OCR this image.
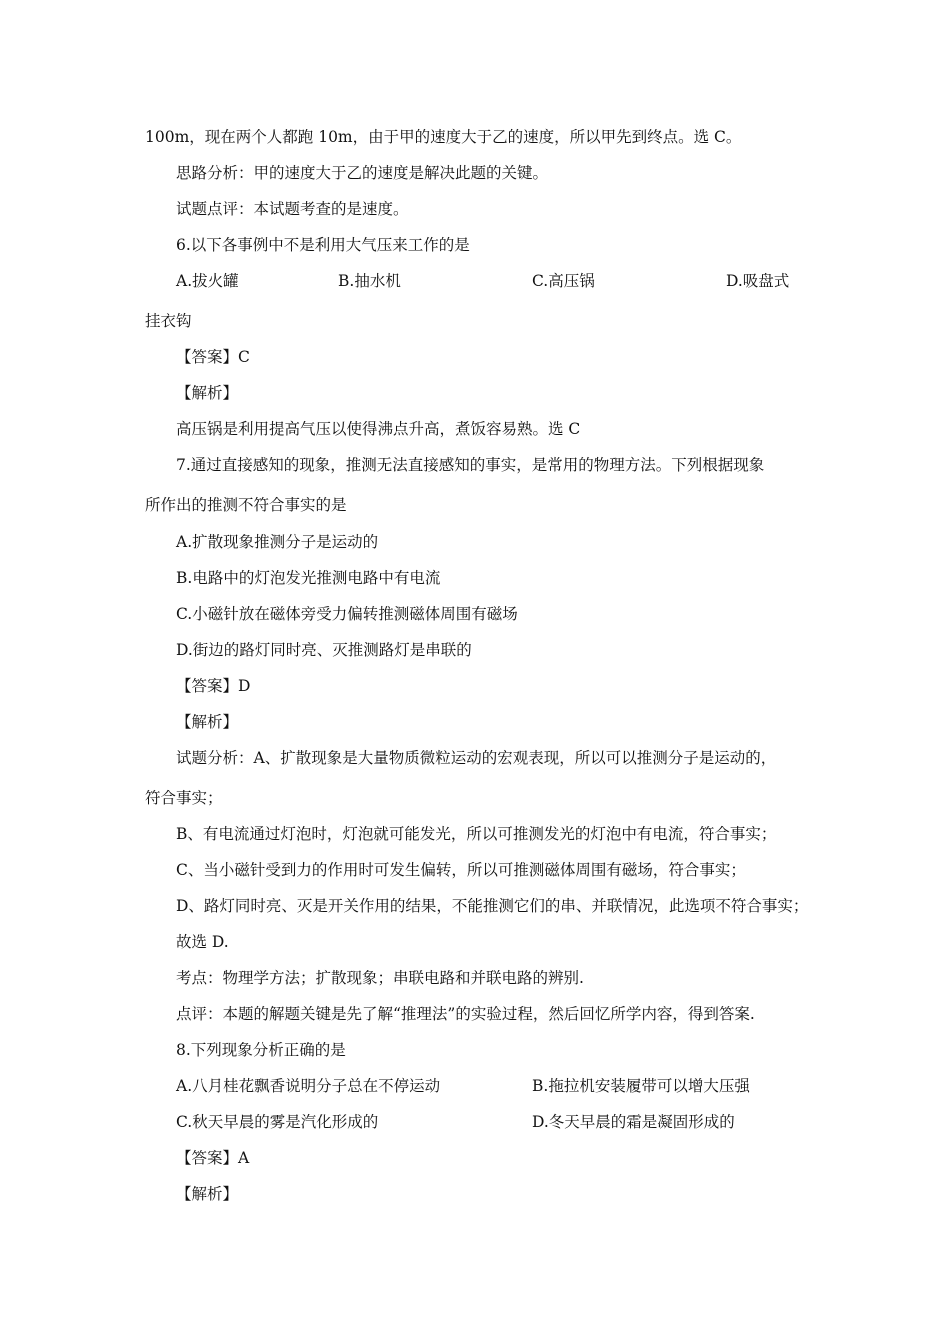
100m，现在两个人都跑 10m，由于甲的速度大于乙的速度，所以甲先到终点。选 C。
思路分析：甲的速度大于乙的速度是解决此题的关键。
试题点评：本试题考查的是速度。
6.以下各事例中不是利用大气压来工作的是
A.拔火罐	B.抽水机	C.高压锅	D.吸盘式
挂衣钩
【答案】C
【解析】
高压锅是利用提高气压以使得沸点升高，煮饭容易熟。选 C
7.通过直接感知的现象，推测无法直接感知的事实，是常用的物理方法。下列根据现象
所作出的推测不符合事实的是
A.扩散现象推测分子是运动的
B.电路中的灯泡发光推测电路中有电流
C.小磁针放在磁体旁受力偏转推测磁体周围有磁场
D.街边的路灯同时亮、灭推测路灯是串联的
【答案】D
【解析】
试题分析：A、扩散现象是大量物质微粒运动的宏观表现，所以可以推测分子是运动的，
符合事实；
B、有电流通过灯泡时，灯泡就可能发光，所以可推测发光的灯泡中有电流，符合事实；
C、当小磁针受到力的作用时可发生偏转，所以可推测磁体周围有磁场，符合事实；
D、路灯同时亮、灭是开关作用的结果，不能推测它们的串、并联情况，此选项不符合事实；
故选 D.
考点：物理学方法；扩散现象；串联电路和并联电路的辨别.
点评：本题的解题关键是先了解“推理法”的实验过程，然后回忆所学内容，得到答案.
8.下列现象分析正确的是
A.八月桂花飘香说明分子总在不停运动	B.拖拉机安装履带可以增大压强
C.秋天早晨的雾是汽化形成的	D.冬天早晨的霜是凝固形成的
【答案】A
【解析】
